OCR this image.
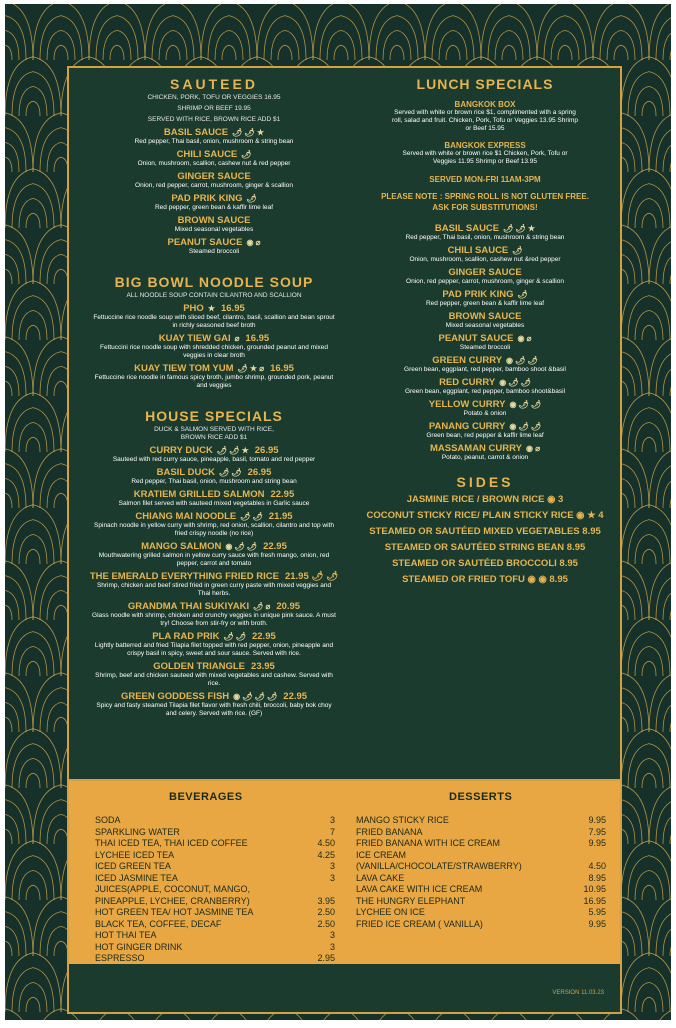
SAUTEED
CHICKEN, PORK, TOFU OR VEGGIES 16.95
SHRIMP OR BEEF 19.95
SERVED WITH RICE, BROWN RICE ADD $1
BASIL SAUCE 🌶 🌶 ★
Red pepper, Thai basil, onion, mushroom & string bean
CHILI SAUCE 🌶
Onion, mushroom, scallion, cashew nut & red pepper
GINGER SAUCE
Onion, red pepper, carrot, mushroom, ginger & scallion
PAD PRIK KING 🌶
Red pepper, green bean & kaffir lime leaf
BROWN SAUCE
Mixed seasonal vegetables
PEANUT SAUCE ◉ ⌀
Steamed broccoli
BIG BOWL NOODLE SOUP
ALL NOODLE SOUP CONTAIN CILANTRO AND SCALLION
PHO ★ 16.95
Fettuccine rice noodle soup with sliced beef, cilantro, basil, scallion and bean sprout in richly seasoned beef broth
KUAY TIEW GAI ⌀ 16.95
Fettuccini rice noodle soup with shredded chicken, grounded peanut and mixed veggies in clear broth
KUAY TIEW TOM YUM 🌶 ★ ⌀ 16.95
Fettuccine rice noodle in famous spicy broth, jumbo shrimp, grounded pork, peanut and veggies
HOUSE SPECIALS
DUCK & SALMON SERVED WITH RICE, BROWN RICE ADD $1
CURRY DUCK 🌶 🌶 ★ 26.95
Sauteed with red curry sauce, pineapple, basil, tomato and red pepper
BASIL DUCK 🌶 🌶 26.95
Red pepper, Thai basil, onion, mushroom and string bean
KRATIEM GRILLED SALMON 22.95
Salmon filet served with sauteed mixed vegetables in Garlic sauce
CHIANG MAI NOODLE 🌶 🌶 21.95
Spinach noodle in yellow curry with shrimp, red onion, scallion, cilantro and top with fried crispy noodle (no rice)
MANGO SALMON ◉ 🌶 🌶 22.95
Mouthwatering grilled salmon in yellow curry sauce with fresh mango, onion, red pepper, carrot and tomato
THE EMERALD EVERYTHING FRIED RICE 21.95 🌶 🌶
Shrimp, chicken and beef stired fried in green curry paste with mixed veggies and Thai herbs.
GRANDMA THAI SUKIYAKI 🌶 ⌀ 20.95
Glass noodle with shrimp, chicken and crunchy veggies in unique pink sauce. A must try! Choose from stir-fry or with broth.
PLA RAD PRIK 🌶 🌶 22.95
Lightly batterred and fried Tilapia filet topped with red pepper, onion, pineapple and crispy basil in spicy, sweet and sour sauce. Served with rice.
GOLDEN TRIANGLE 23.95
Shrimp, beef and chicken sauteed with mixed vegetables and cashew. Served with rice.
GREEN GODDESS FISH ◉ 🌶 🌶 🌶 22.95
Spicy and fasty steamed Tilapia filet flavor with fresh chili, broccoli, baby bok choy and celery. Served with rice. (GF)
LUNCH SPECIALS
BANGKOK BOX
Served with white or brown rice $1, complimented with a spring roll, salad and fruit. Chicken, Pork, Tofu or Veggies 13.95 Shrimp or Beef 15.95
BANGKOK EXPRESS
Served with white or brown rice $1 Chicken, Pork, Tofu or Veggies 11.95 Shrimp or Beef 13.95
SERVED MON-FRI 11AM-3PM
PLEASE NOTE : SPRING ROLL IS NOT GLUTEN FREE. ASK FOR SUBSTITUTIONS!
BASIL SAUCE 🌶 🌶 ★
Red pepper, Thai basil, onion, mushroom & string bean
CHILI SAUCE 🌶
Onion, mushroom, scallion, cashew nut &red pepper
GINGER SAUCE
Onion, red pepper, carrot, mushroom, ginger & scallion
PAD PRIK KING 🌶
Red pepper, green bean & kaffir lime leaf
BROWN SAUCE
Mixed seasonal vegetables
PEANUT SAUCE ◉ ⌀
Steamed broccoli
GREEN CURRY ◉ 🌶 🌶
Green bean, eggplant, red pepper, bamboo shoot &basil
RED CURRY ◉ 🌶 🌶
Green bean, eggplant, red pepper, bamboo shoot&basil
YELLOW CURRY ◉ 🌶 🌶
Potato & onion
PANANG CURRY ◉ 🌶 🌶
Green bean, red pepper & kaffir lime leaf
MASSAMAN CURRY ◉ ⌀
Potato, peanut, carrot & onion
SIDES
JASMINE RICE / BROWN RICE ◉ 3
COCONUT STICKY RICE/ PLAIN STICKY RICE ◉ ★ 4
STEAMED OR SAUTÉED MIXED VEGETABLES 8.95
STEAMED OR SAUTÉED STRING BEAN 8.95
STEAMED OR SAUTÉED BROCCOLI 8.95
STEAMED OR FRIED TOFU ◉ ◉ 8.95
BEVERAGES
SODA	3
SPARKLING WATER	7
THAI ICED TEA, THAI ICED COFFEE	4.50
LYCHEE ICED TEA	4.25
ICED GREEN TEA	3
ICED JASMINE TEA	3
JUICES(APPLE, COCONUT, MANGO,
PINEAPPLE, LYCHEE, CRANBERRY)	3.95
HOT GREEN TEA/ HOT JASMINE TEA	2.50
BLACK TEA, COFFEE, DECAF	2.50
HOT THAI TEA	3
HOT GINGER DRINK	3
ESPRESSO	2.95
DESSERTS
MANGO STICKY RICE	9.95
FRIED BANANA	7.95
FRIED BANANA WITH ICE CREAM	9.95
ICE CREAM
(VANILLA/CHOCOLATE/STRAWBERRY)	4.50
LAVA CAKE	8.95
LAVA CAKE WITH ICE CREAM	10.95
THE HUNGRY ELEPHANT	16.95
LYCHEE ON ICE	5.95
FRIED ICE CREAM ( VANILLA)	9.95
VERSION 11.03.23
